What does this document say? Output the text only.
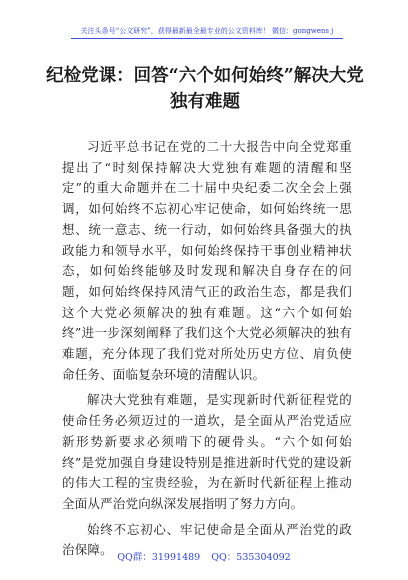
关注头条号“公文研究”，获得最新最全最专业的公文资料库！ 微信：gongwens j
纪检党课：回答“六个如何始终”解决大党独有难题

习近平总书记在党的二十大报告中向全党郑重提出了“时刻保持解决大党独有难题的清醒和坚定”的重大命题并在二十届中央纪委二次全会上强调，如何始终不忘初心牢记使命，如何始终统一思想、统一意志、统一行动，如何始终具备强大的执政能力和领导水平，如何始终保持干事创业精神状态，如何始终能够及时发现和解决自身存在的问题，如何始终保持风清气正的政治生态，都是我们这个大党必须解决的独有难题。这“六个如何始终”进一步深刻阐释了我们这个大党必须解决的独有难题，充分体现了我们党对所处历史方位、肩负使命任务、面临复杂环境的清醒认识。

解决大党独有难题，是实现新时代新征程党的使命任务必须迈过的一道坎，是全面从严治党适应新形势新要求必须啃下的硬骨头。“六个如何始终”是党加强自身建设特别是推进新时代党的建设新的伟大工程的宝贵经验，为在新时代新征程上推动全面从严治党向纵深发展指明了努力方向。

始终不忘初心、牢记使命是全面从严治党的政治保障。

QQ群：31991489 QQ：535304092
